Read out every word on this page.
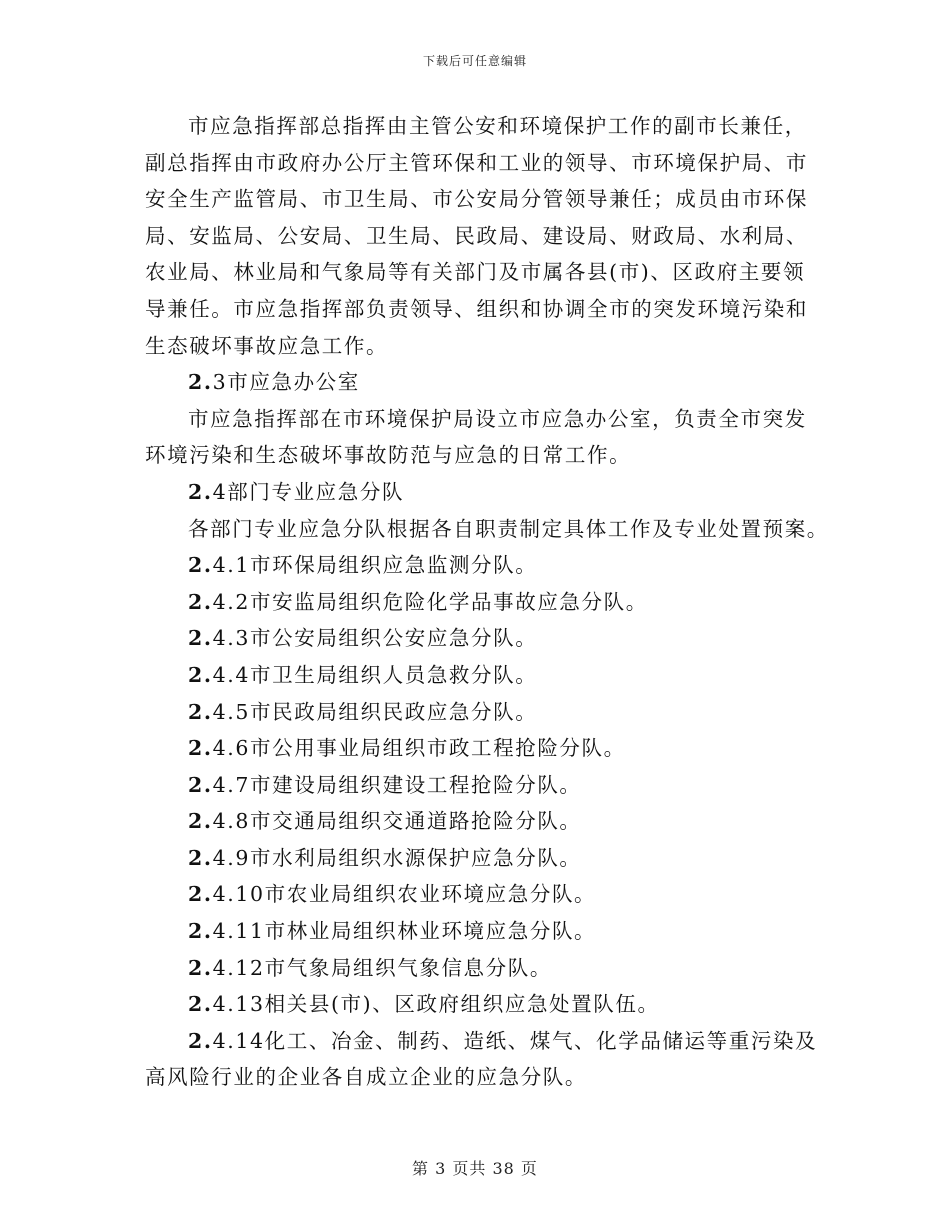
下载后可任意编辑

市应急指挥部总指挥由主管公安和环境保护工作的副市长兼任，

副总指挥由市政府办公厅主管环保和工业的领导、市环境保护局、市

安全生产监管局、市卫生局、市公安局分管领导兼任；成员由市环保

局、安监局、公安局、卫生局、民政局、建设局、财政局、水利局、

农业局、林业局和气象局等有关部门及市属各县(市)、区政府主要领

导兼任。市应急指挥部负责领导、组织和协调全市的突发环境污染和

生态破坏事故应急工作。

2.3市应急办公室

市应急指挥部在市环境保护局设立市应急办公室，负责全市突发

环境污染和生态破坏事故防范与应急的日常工作。

2.4部门专业应急分队

各部门专业应急分队根据各自职责制定具体工作及专业处置预案。

2.4.1市环保局组织应急监测分队。

2.4.2市安监局组织危险化学品事故应急分队。

2.4.3市公安局组织公安应急分队。

2.4.4市卫生局组织人员急救分队。

2.4.5市民政局组织民政应急分队。

2.4.6市公用事业局组织市政工程抢险分队。

2.4.7市建设局组织建设工程抢险分队。

2.4.8市交通局组织交通道路抢险分队。

2.4.9市水利局组织水源保护应急分队。

2.4.10市农业局组织农业环境应急分队。

2.4.11市林业局组织林业环境应急分队。

2.4.12市气象局组织气象信息分队。

2.4.13相关县(市)、区政府组织应急处置队伍。

2.4.14化工、冶金、制药、造纸、煤气、化学品储运等重污染及

高风险行业的企业各自成立企业的应急分队。

第 3 页共 38 页
